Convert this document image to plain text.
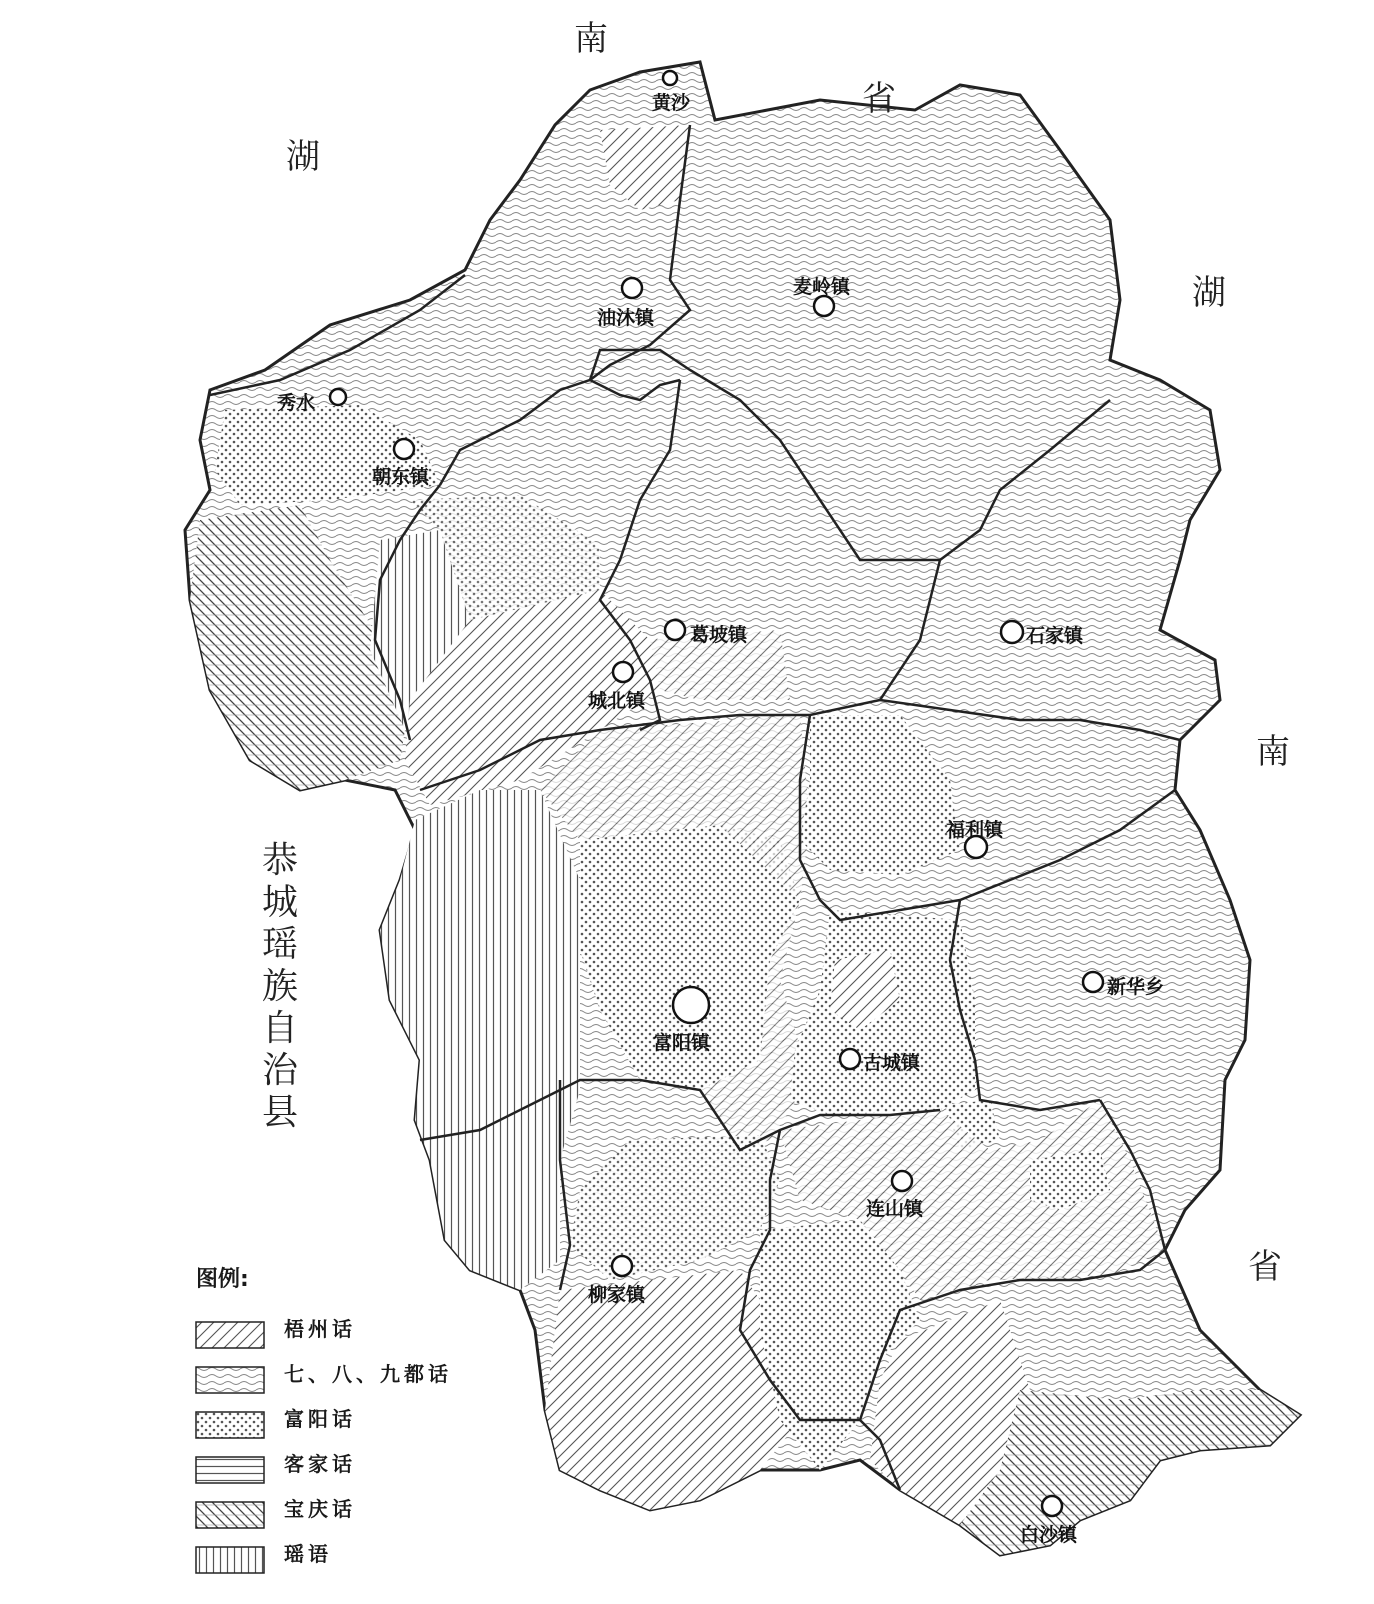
南
省
湖
湖
南
省
恭城瑶族自治县
黄沙
油沐镇
麦岭镇
秀水
朝东镇
葛坡镇
城北镇
石家镇
福利镇
新华乡
富阳镇
古城镇
连山镇
柳家镇
白沙镇
图例:
梧州话
七、八、九都话
富阳话
客家话
宝庆话
瑶语
